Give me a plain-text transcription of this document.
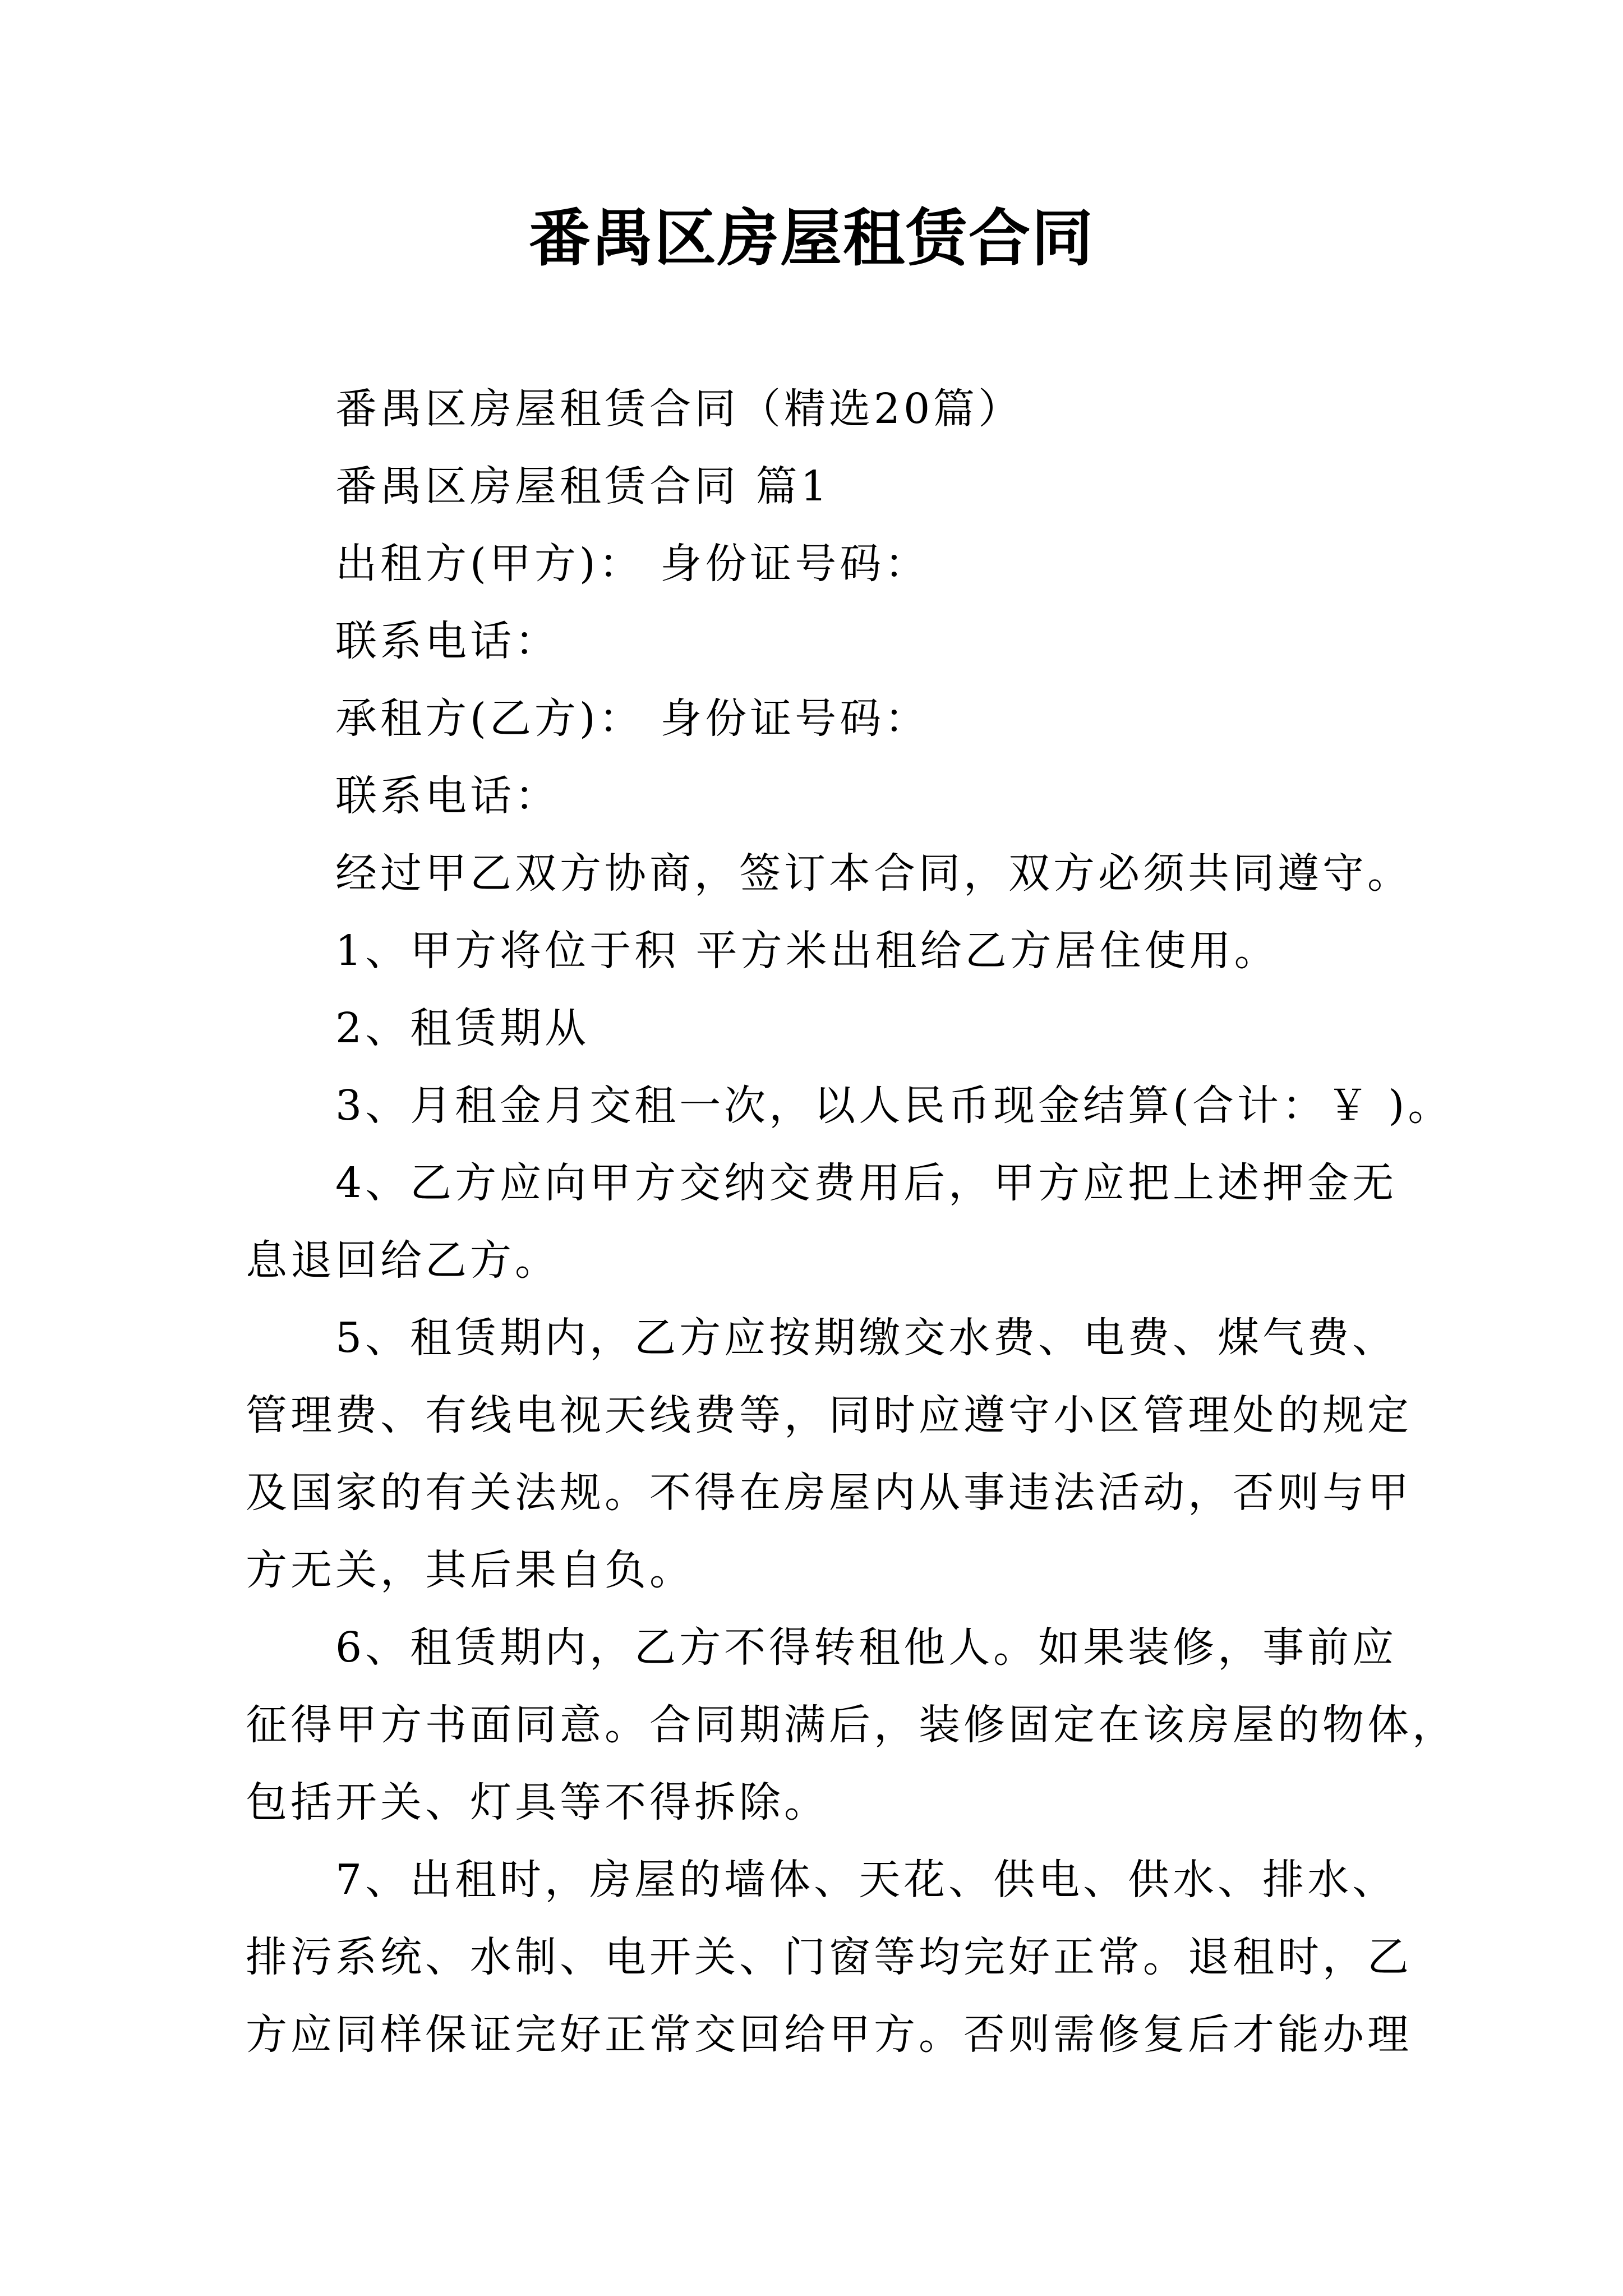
番禺区房屋租赁合同
番禺区房屋租赁合同（精选20篇）
番禺区房屋租赁合同 篇1
出租方(甲方)： 身份证号码：
联系电话：
承租方(乙方)： 身份证号码：
联系电话：
经过甲乙双方协商，签订本合同，双方必须共同遵守。
1、甲方将位于积 平方米出租给乙方居住使用。
2、租赁期从
3、月租金月交租一次，以人民币现金结算(合计：￥ )。
4、乙方应向甲方交纳交费用后，甲方应把上述押金无
息退回给乙方。
5、租赁期内，乙方应按期缴交水费、电费、煤气费、
管理费、有线电视天线费等，同时应遵守小区管理处的规定
及国家的有关法规。不得在房屋内从事违法活动，否则与甲
方无关，其后果自负。
6、租赁期内，乙方不得转租他人。如果装修，事前应
征得甲方书面同意。合同期满后，装修固定在该房屋的物体，
包括开关、灯具等不得拆除。
7、出租时，房屋的墙体、天花、供电、供水、排水、
排污系统、水制、电开关、门窗等均完好正常。退租时，乙
方应同样保证完好正常交回给甲方。否则需修复后才能办理
